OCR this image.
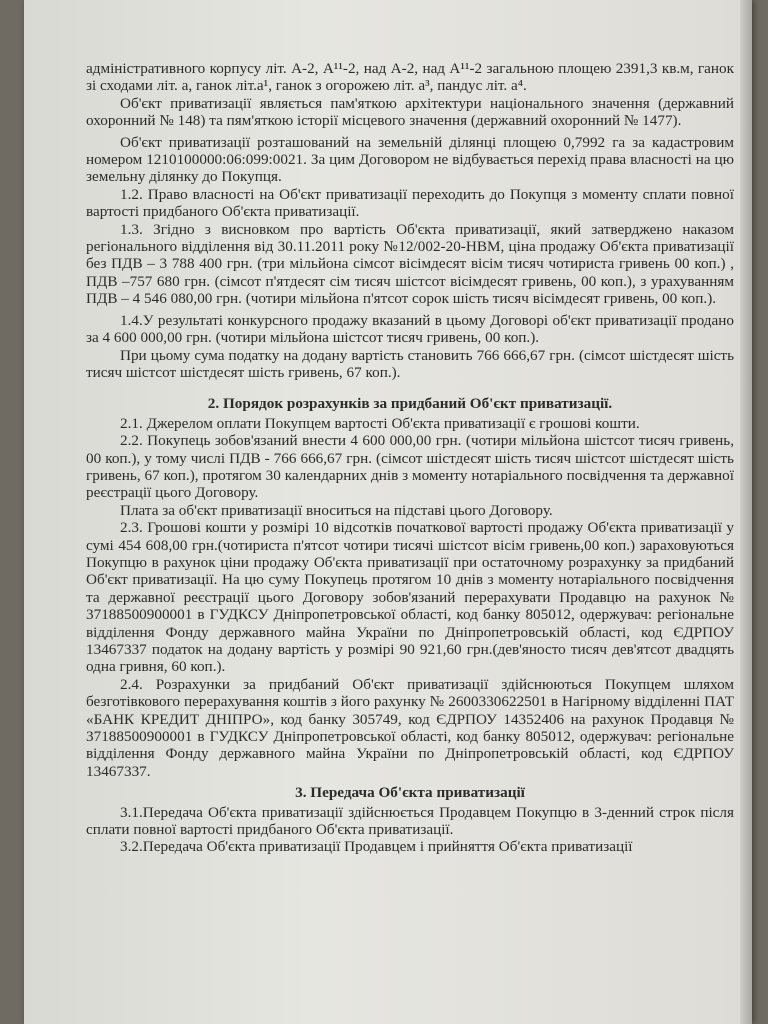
адміністративного корпусу літ. А-2, А¹¹-2, над А-2, над А¹¹-2 загальною площею 2391,3 кв.м, ганок зі сходами літ. а, ганок літ.а¹, ганок з огорожею літ. а³, пандус літ. а⁴.

Об'єкт приватизації являється пам'яткою архітектури національного значення (державний охоронний № 148) та пям'яткою історії місцевого значення (державний охоронний № 1477).

Об'єкт приватизації розташований на земельній ділянці площею 0,7992 га за кадастровим номером 1210100000:06:099:0021. За цим Договором не відбувається перехід права власності на цю земельну ділянку до Покупця.

1.2. Право власності на Об'єкт приватизації переходить до Покупця з моменту сплати повної вартості придбаного Об'єкта приватизації.

1.3. Згідно з висновком про вартість Об'єкта приватизації, який затверджено наказом регіонального відділення від 30.11.2011 року №12/002-20-НВМ, ціна продажу Об'єкта приватизації без ПДВ – 3 788 400 грн. (три мільйона сімсот вісімдесят вісім тисяч чотириста гривень 00 коп.) , ПДВ –757 680 грн. (сімсот п'ятдесят сім тисяч шістсот вісімдесят гривень, 00 коп.), з урахуванням ПДВ – 4 546 080,00 грн. (чотири мільйона п'ятсот сорок шість тисяч вісімдесят гривень, 00 коп.).

1.4.У результаті конкурсного продажу вказаний в цьому Договорі об'єкт приватизації продано за 4 600 000,00 грн. (чотири мільйона шістсот тисяч гривень, 00 коп.).

При цьому сума податку на додану вартість становить 766 666,67 грн. (сімсот шістдесят шість тисяч шістсот шістдесят шість гривень, 67 коп.).

2. Порядок розрахунків за придбаний Об'єкт приватизації.

2.1. Джерелом оплати Покупцем вартості Об'єкта приватизації є грошові кошти.

2.2. Покупець зобов'язаний внести 4 600 000,00 грн. (чотири мільйона шістсот тисяч гривень, 00 коп.), у тому числі ПДВ - 766 666,67 грн. (сімсот шістдесят шість тисяч шістсот шістдесят шість гривень, 67 коп.), протягом 30 календарних днів з моменту нотаріального посвідчення та державної реєстрації цього Договору.

Плата за об'єкт приватизації вноситься на підставі цього Договору.

2.3. Грошові кошти у розмірі 10 відсотків початкової вартості продажу Об'єкта приватизації у сумі 454 608,00 грн.(чотириста п'ятсот чотири тисячі шістсот вісім гривень,00 коп.) зараховуються Покупцю в рахунок ціни продажу Об'єкта приватизації при остаточному розрахунку за придбаний Об'єкт приватизації. На цю суму Покупець протягом 10 днів з моменту нотаріального посвідчення та державної реєстрації цього Договору зобов'язаний перерахувати Продавцю на рахунок № 37188500900001 в ГУДКСУ Дніпропетровської області, код банку 805012, одержувач: регіональне відділення Фонду державного майна України по Дніпропетровській області, код ЄДРПОУ 13467337 податок на додану вартість у розмірі 90 921,60 грн.(дев'яносто тисяч дев'ятсот двадцять одна гривня, 60 коп.).

2.4. Розрахунки за придбаний Об'єкт приватизації здійснюються Покупцем шляхом безготівкового перерахування коштів з його рахунку № 2600330622501 в Нагірному відділенні ПАТ «БАНК КРЕДИТ ДНІПРО», код банку 305749, код ЄДРПОУ 14352406 на рахунок Продавця № 37188500900001 в ГУДКСУ Дніпропетровської області, код банку 805012, одержувач: регіональне відділення Фонду державного майна України по Дніпропетровській області, код ЄДРПОУ 13467337.

3. Передача Об'єкта приватизації

3.1.Передача Об'єкта приватизації здійснюється Продавцем Покупцю в 3-денний строк після сплати повної вартості придбаного Об'єкта приватизації.

3.2.Передача Об'єкта приватизації Продавцем і прийняття Об'єкта приватизації
